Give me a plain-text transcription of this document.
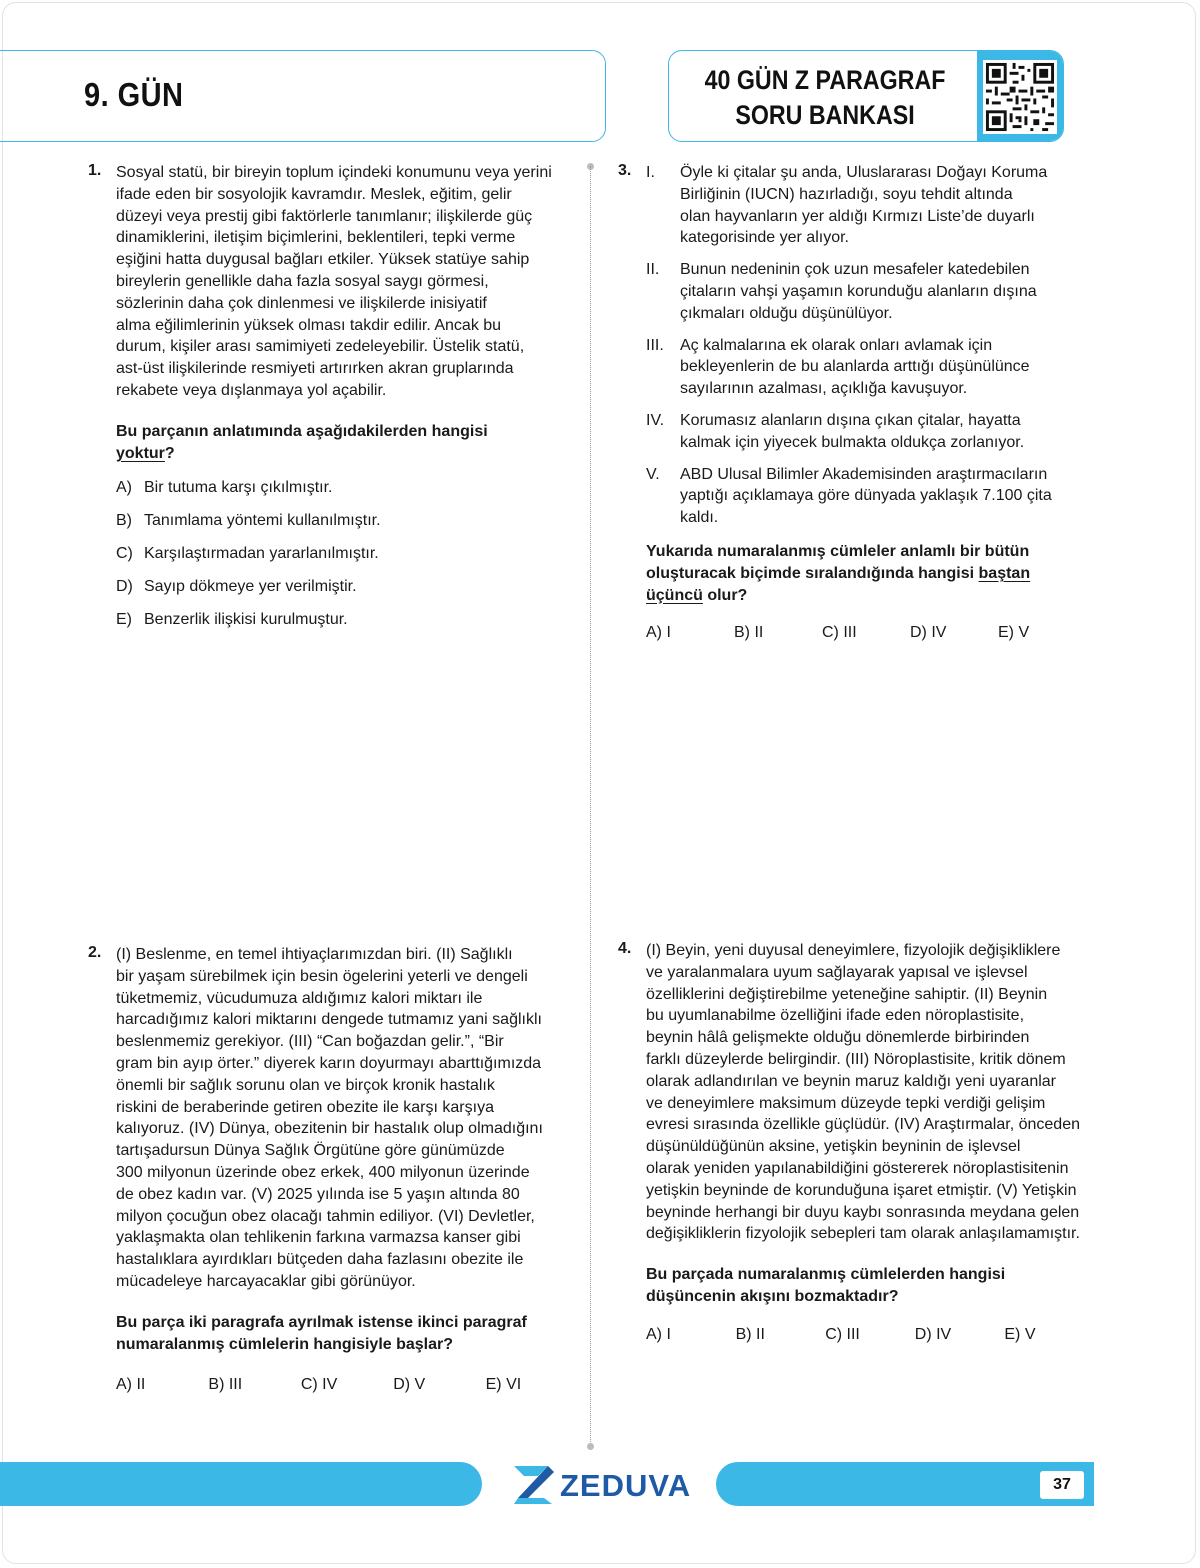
9. GÜN	40 GÜN Z PARAGRAF
SORU BANKASI
1. Sosyal statü, bir bireyin toplum içindeki konumunu veya yerini

ifade eden bir sosyolojik kavramdır. Meslek, eğitim, gelir

düzeyi veya prestij gibi faktörlerle tanımlanır; ilişkilerde güç

dinamiklerini, iletişim biçimlerini, beklentileri, tepki verme

eşiğini hatta duygusal bağları etkiler. Yüksek statüye sahip

bireylerin genellikle daha fazla sosyal saygı görmesi,

sözlerinin daha çok dinlenmesi ve ilişkilerde inisiyatif

alma eğilimlerinin yüksek olması takdir edilir. Ancak bu

durum, kişiler arası samimiyeti zedeleyebilir. Üstelik statü,

ast-üst ilişkilerinde resmiyeti artırırken akran gruplarında

rekabete veya dışlanmaya yol açabilir.

Bu parçanın anlatımında aşağıdakilerden hangisi
yoktur?

A) Bir tutuma karşı çıkılmıştır.
B) Tanımlama yöntemi kullanılmıştır.
C) Karşılaştırmadan yararlanılmıştır.
D) Sayıp dökmeye yer verilmiştir.
E) Benzerlik ilişkisi kurulmuştur.
3. I.	Öyle ki çitalar şu anda, Uluslararası Doğayı Koruma

Birliğinin (IUCN) hazırladığı, soyu tehdit altında

olan hayvanların yer aldığı Kırmızı Liste’de duyarlı

kategorisinde yer alıyor.

II.	Bunun nedeninin çok uzun mesafeler katedebilen

çitaların vahşi yaşamın korunduğu alanların dışına

çıkmaları olduğu düşünülüyor.

III.	Aç kalmalarına ek olarak onları avlamak için

bekleyenlerin de bu alanlarda arttığı düşünülünce

sayılarının azalması, açıklığa kavuşuyor.

IV. Korumasız alanların dışına çıkan çitalar, hayatta

kalmak için yiyecek bulmakta oldukça zorlanıyor.

V.	ABD Ulusal Bilimler Akademisinden araştırmacıların

yaptığı açıklamaya göre dünyada yaklaşık 7.100 çita

kaldı.

Yukarıda numaralanmış cümleler anlamlı bir bütün
oluşturacak biçimde sıralandığında hangisi baştan
üçüncü olur?

A) I	B) II	C) III	D) IV	E) V
2. (I) Beslenme, en temel ihtiyaçlarımızdan biri. (II) Sağlıklı

bir yaşam sürebilmek için besin ögelerini yeterli ve dengeli

tüketmemiz, vücudumuza aldığımız kalori miktarı ile

harcadığımız kalori miktarını dengede tutmamız yani sağlıklı

beslenmemiz gerekiyor. (III) “Can boğazdan gelir.”, “Bir

gram bin ayıp örter.” diyerek karın doyurmayı abarttığımızda

önemli bir sağlık sorunu olan ve birçok kronik hastalık

riskini de beraberinde getiren obezite ile karşı karşıya

kalıyoruz. (IV) Dünya, obezitenin bir hastalık olup olmadığını

tartışadursun Dünya Sağlık Örgütüne göre günümüzde

300 milyonun üzerinde obez erkek, 400 milyonun üzerinde

de obez kadın var. (V) 2025 yılında ise 5 yaşın altında 80

milyon çocuğun obez olacağı tahmin ediliyor. (VI) Devletler,

yaklaşmakta olan tehlikenin farkına varmazsa kanser gibi

hastalıklara ayırdıkları bütçeden daha fazlasını obezite ile

mücadeleye harcayacaklar gibi görünüyor.

Bu parça iki paragrafa ayrılmak istense ikinci paragraf
numaralanmış cümlelerin hangisiyle başlar?

A) II	B) III	C) IV	D) V	E) VI
4. (I) Beyin, yeni duyusal deneyimlere, fizyolojik değişikliklere

ve yaralanmalara uyum sağlayarak yapısal ve işlevsel

özelliklerini değiştirebilme yeteneğine sahiptir. (II) Beynin

bu uyumlanabilme özelliğini ifade eden nöroplastisite,

beynin hâlâ gelişmekte olduğu dönemlerde birbirinden

farklı düzeylerde belirgindir. (III) Nöroplastisite, kritik dönem

olarak adlandırılan ve beynin maruz kaldığı yeni uyaranlar

ve deneyimlere maksimum düzeyde tepki verdiği gelişim

evresi sırasında özellikle güçlüdür. (IV) Araştırmalar, önceden

düşünüldüğünün aksine, yetişkin beyninin de işlevsel

olarak yeniden yapılanabildiğini göstererek nöroplastisitenin

yetişkin beyninde de korunduğuna işaret etmiştir. (V) Yetişkin

beyninde herhangi bir duyu kaybı sonrasında meydana gelen

değişikliklerin fizyolojik sebepleri tam olarak anlaşılamamıştır.

Bu parçada numaralanmış cümlelerden hangisi
düşüncenin akışını bozmaktadır?

A) I	B) II	C) III	D) IV	E) V
37
ZEDUVA
